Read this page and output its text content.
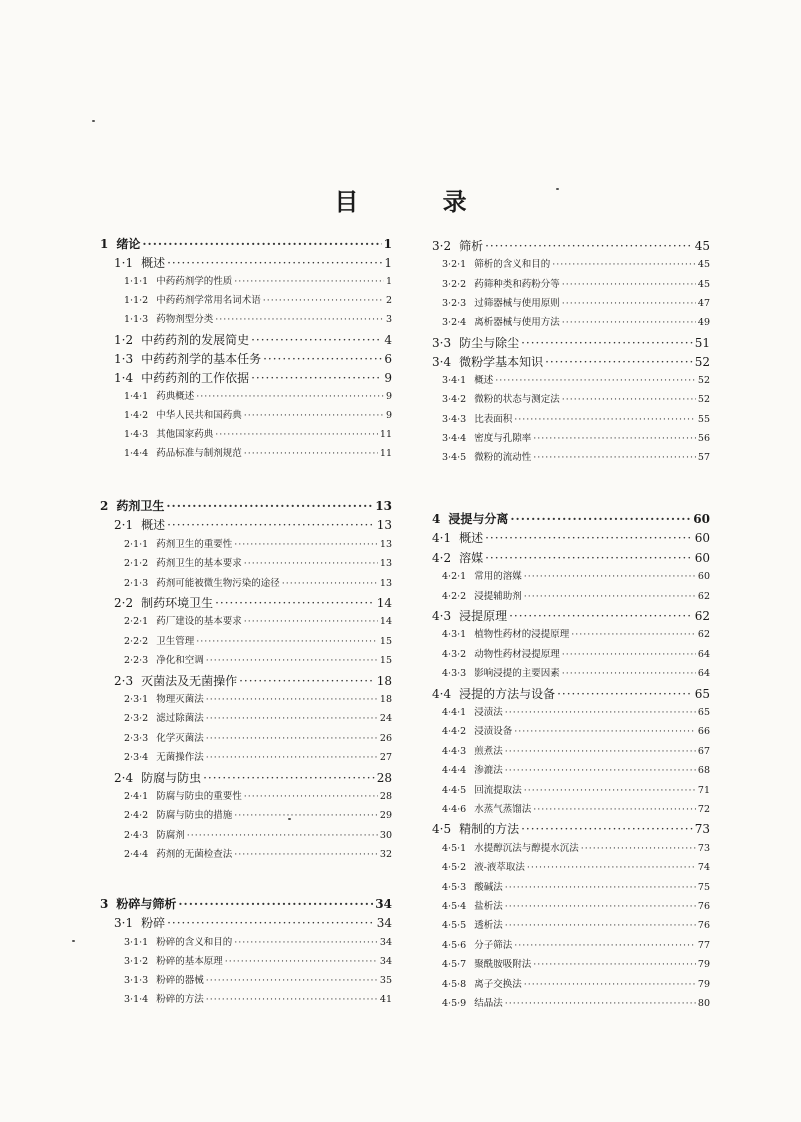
目 录
1 绪论 ·····	1
1·1 概述 ·····	1
1·1·1 中药药剂学的性质 ·····	1
1·1·2 中药药剂学常用名词术语 ·····	2
1·1·3 药物剂型分类 ·····	3
1·2 中药药剂的发展简史 ·····	4
1·3 中药药剂学的基本任务 ·····	6
1·4 中药药剂的工作依据 ·····	9
1·4·1 药典概述 ·····	9
1·4·2 中华人民共和国药典 ·····	9
1·4·3 其他国家药典 ·····	11
1·4·4 药品标准与制剂规范 ·····	11
2 药剂卫生 ·····	13
2·1 概述 ·····	13
2·1·1 药剂卫生的重要性 ·····	13
2·1·2 药剂卫生的基本要求 ·····	13
2·1·3 药剂可能被微生物污染的途径 ·····	13
2·2 制药环境卫生 ·····	14
2·2·1 药厂建设的基本要求 ·····	14
2·2·2 卫生管理 ·····	15
2·2·3 净化和空调 ·····	15
2·3 灭菌法及无菌操作 ·····	18
2·3·1 物理灭菌法 ·····	18
2·3·2 滤过除菌法 ·····	24
2·3·3 化学灭菌法 ·····	26
2·3·4 无菌操作法 ·····	27
2·4 防腐与防虫 ·····	28
2·4·1 防腐与防虫的重要性 ·····	28
2·4·2 防腐与防虫的措施 ·····	29
2·4·3 防腐剂 ·····	30
2·4·4 药剂的无菌检查法 ·····	32
3 粉碎与筛析 ·····	34
3·1 粉碎 ·····	34
3·1·1 粉碎的含义和目的 ·····	34
3·1·2 粉碎的基本原理 ·····	34
3·1·3 粉碎的器械 ·····	35
3·1·4 粉碎的方法 ·····	41
3·2 筛析 ·····	45
3·2·1 筛析的含义和目的 ·····	45
3·2·2 药筛种类和药粉分等 ·····	45
3·2·3 过筛器械与使用原则 ·····	47
3·2·4 离析器械与使用方法 ·····	49
3·3 防尘与除尘 ·····	51
3·4 微粉学基本知识 ·····	52
3·4·1 概述 ·····	52
3·4·2 微粉的状态与测定法 ·····	52
3·4·3 比表面积 ·····	55
3·4·4 密度与孔隙率 ·····	56
3·4·5 微粉的流动性 ·····	57
4 浸提与分离 ·····	60
4·1 概述 ·····	60
4·2 溶媒 ·····	60
4·2·1 常用的溶媒 ·····	60
4·2·2 浸提辅助剂 ·····	62
4·3 浸提原理 ·····	62
4·3·1 植物性药材的浸提原理 ·····	62
4·3·2 动物性药材浸提原理 ·····	64
4·3·3 影响浸提的主要因素 ·····	64
4·4 浸提的方法与设备 ·····	65
4·4·1 浸渍法 ·····	65
4·4·2 浸渍设备 ·····	66
4·4·3 煎煮法 ·····	67
4·4·4 渗漉法 ·····	68
4·4·5 回流提取法 ·····	71
4·4·6 水蒸气蒸馏法 ·····	72
4·5 精制的方法 ·····	73
4·5·1 水提醇沉法与醇提水沉法 ·····	73
4·5·2 液-液萃取法 ·····	74
4·5·3 酸碱法 ·····	75
4·5·4 盐析法 ·····	76
4·5·5 透析法 ·····	76
4·5·6 分子筛法 ·····	77
4·5·7 聚酰胺吸附法 ·····	79
4·5·8 离子交换法 ·····	79
4·5·9 结晶法 ·····	80
